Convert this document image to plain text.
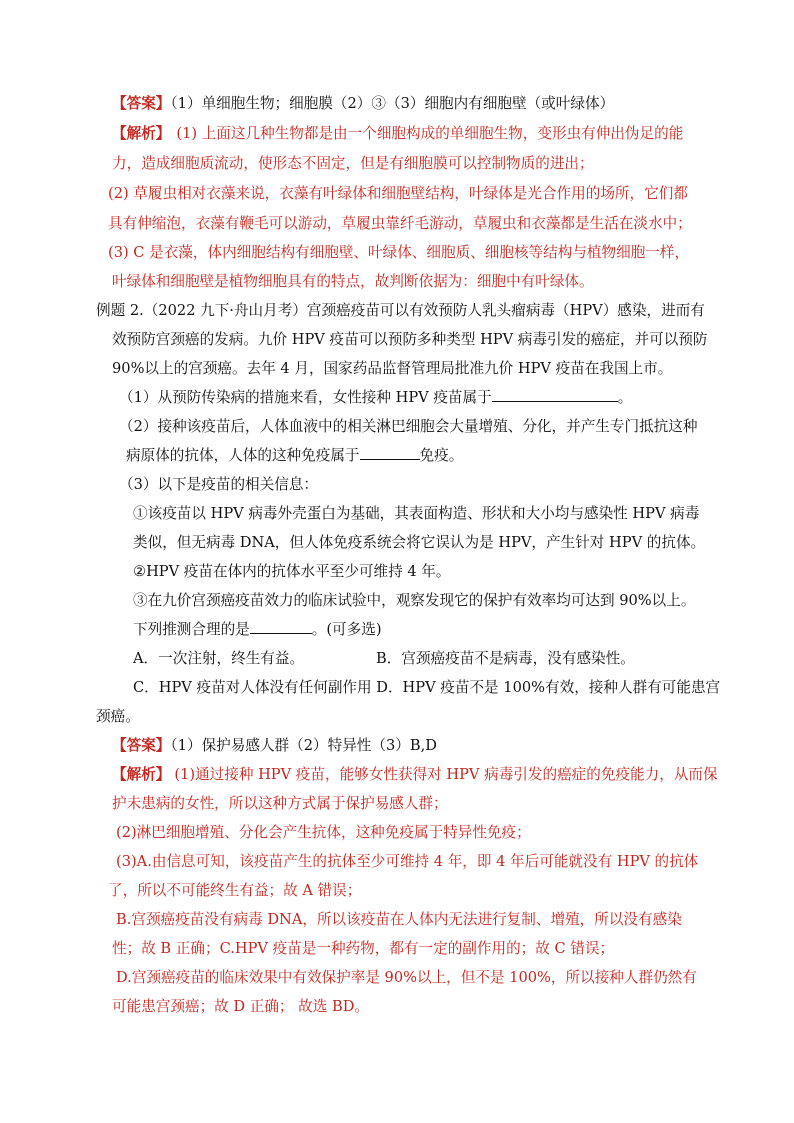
【答案】（1）单细胞生物；细胞膜（2）③（3）细胞内有细胞壁（或叶绿体）
【解析】 (1) 上面这几种生物都是由一个细胞构成的单细胞生物，变形虫有伸出伪足的能
力，造成细胞质流动，使形态不固定，但是有细胞膜可以控制物质的进出；
(2) 草履虫相对衣藻来说，衣藻有叶绿体和细胞壁结构，叶绿体是光合作用的场所，它们都
具有伸缩泡，衣藻有鞭毛可以游动，草履虫靠纤毛游动，草履虫和衣藻都是生活在淡水中；
(3) C 是衣藻，体内细胞结构有细胞壁、叶绿体、细胞质、细胞核等结构与植物细胞一样，
叶绿体和细胞壁是植物细胞具有的特点，故判断依据为：细胞中有叶绿体。
例题 2.（2022 九下·舟山月考）宫颈癌疫苗可以有效预防人乳头瘤病毒（HPV）感染，进而有
效预防宫颈癌的发病。九价 HPV 疫苗可以预防多种类型 HPV 病毒引发的癌症，并可以预防
90%以上的宫颈癌。去年 4 月，国家药品监督管理局批准九价 HPV 疫苗在我国上市。
（1）从预防传染病的措施来看，女性接种 HPV 疫苗属于	。
（2）接种该疫苗后，人体血液中的相关淋巴细胞会大量增殖、分化，并产生专门抵抗这种
病原体的抗体，人体的这种免疫属于	免疫。
（3）以下是疫苗的相关信息：
①该疫苗以 HPV 病毒外壳蛋白为基础，其表面构造、形状和大小均与感染性 HPV 病毒
类似，但无病毒 DNA，但人体免疫系统会将它误认为是 HPV，产生针对 HPV 的抗体。
②HPV 疫苗在体内的抗体水平至少可维持 4 年。
③在九价宫颈癌疫苗效力的临床试验中，观察发现它的保护有效率均可达到 90%以上。
下列推测合理的是	。(可多选)
A．一次注射，终生有益。	B．宫颈癌疫苗不是病毒，没有感染性。
C．HPV 疫苗对人体没有任何副作用 D．HPV 疫苗不是 100%有效，接种人群有可能患宫
颈癌。
【答案】（1）保护易感人群（2）特异性（3）B,D
【解析】 (1)通过接种 HPV 疫苗，能够女性获得对 HPV 病毒引发的癌症的免疫能力，从而保
护未患病的女性，所以这种方式属于保护易感人群；
(2)淋巴细胞增殖、分化会产生抗体，这种免疫属于特异性免疫；
(3)A.由信息可知，该疫苗产生的抗体至少可维持 4 年，即 4 年后可能就没有 HPV 的抗体
了，所以不可能终生有益；故 A 错误；
B.宫颈癌疫苗没有病毒 DNA，所以该疫苗在人体内无法进行复制、增殖，所以没有感染
性；故 B 正确；C.HPV 疫苗是一种药物，都有一定的副作用的；故 C 错误；
D.宫颈癌疫苗的临床效果中有效保护率是 90%以上，但不是 100%，所以接种人群仍然有
可能患宫颈癌；故 D 正确； 故选 BD。
